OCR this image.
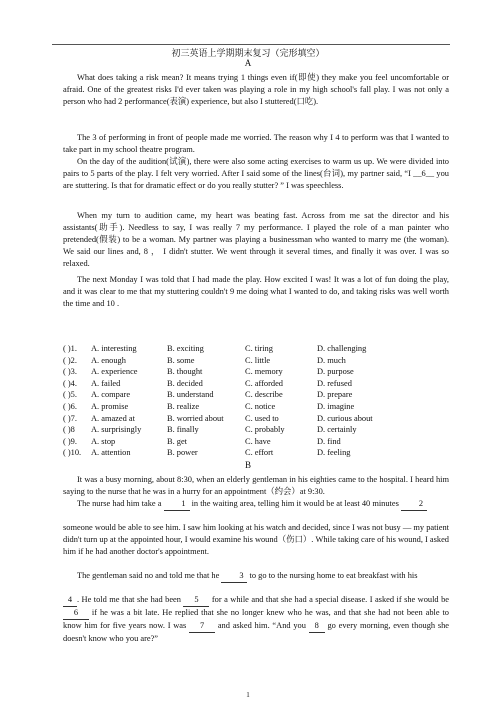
初三英语上学期期末复习（完形填空）
A
What does taking a risk mean? It means trying 1 things even if(即使) they make you feel uncomfortable or afraid. One of the greatest risks I'd ever taken was playing a role in my high school's fall play. I was not only a person who had 2 performance(表演) experience, but also I stuttered(口吃).
The 3 of performing in front of people made me worried. The reason why I 4 to perform was that I wanted to take part in my school theatre program.
On the day of the audition(试演), there were also some acting exercises to warm us up. We were divided into pairs to 5 parts of the play. I felt very worried. After I said some of the lines(台词), my partner said, “I __6__ you are stuttering. Is that for dramatic effect or do you really stutter? ” I was speechless.
When my turn to audition came, my heart was beating fast. Across from me sat the director and his assistants(助手). Needless to say, I was really 7 my performance. I played the role of a man painter who pretended(假装) to be a woman. My partner was playing a businessman who wanted to marry me (the woman). We said our lines and, 8 ， I didn't stutter. We went through it several times, and finally it was over. I was so relaxed.
The next Monday I was told that I had made the play. How excited I was! It was a lot of fun doing the play, and it was clear to me that my stuttering couldn't 9 me doing what I wanted to do, and taking risks was well worth the time and 10 .
( )1. A. interesting	B. exciting	C. tiring	D. challenging
( )2. A. enough	B. some	C. little	D. much
( )3. A. experience	B. thought	C. memory	D. purpose
( )4. A. failed	B. decided	C. afforded	D. refused
( )5. A. compare	B. understand	C. describe	D. prepare
( )6. A. promise	B. realize	C. notice	D. imagine
( )7. A. amazed at	B. worried about	C. used to	D. curious about
( )8 A. surprisingly	B. finally	C. probably	D. certainly
( )9. A. stop	B. get	C. have	D. find
( )10. A. attention	B. power	C. effort	D. feeling
B
It was a busy morning, about 8:30, when an elderly gentleman in his eighties came to the hospital. I heard him saying to the nurse that he was in a hurry for an appointment（约会）at 9:30.
The nurse had him take a 1 in the waiting area, telling him it would be at least 40 minutes 2
someone would be able to see him. I saw him looking at his watch and decided, since I was not busy — my patient didn't turn up at the appointed hour, I would examine his wound（伤口）. While taking care of his wound, I asked him if he had another doctor's appointment.
The gentleman said no and told me that he 3 to go to the nursing home to eat breakfast with his
4 . He told me that she had been 5 for a while and that she had a special disease. I asked if she would be 6 if he was a bit late. He replied that she no longer knew who he was, and that she had not been able to know him for five years now. I was 7 and asked him. “And you 8 go every morning, even though she doesn't know who you are?”
1
